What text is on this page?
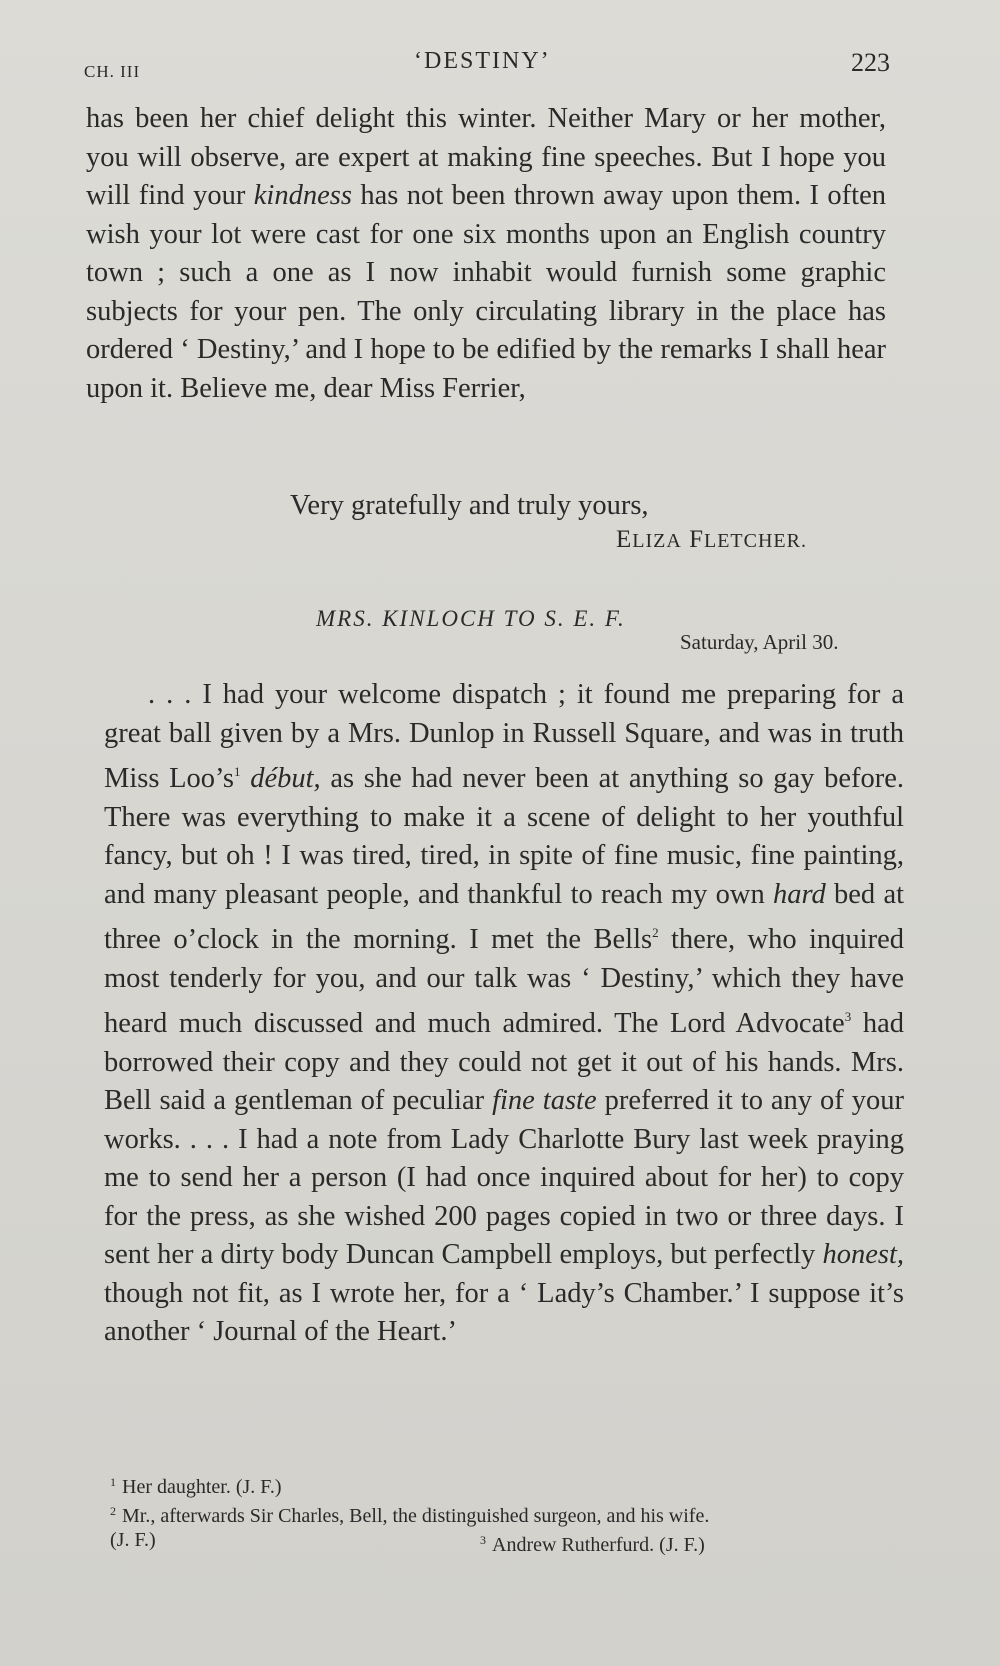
CH. III	‘DESTINY’	223

has been her chief delight this winter. Neither Mary or her mother, you will observe, are expert at making fine speeches. But I hope you will find your kindness has not been thrown away upon them. I often wish your lot were cast for one six months upon an English country town ; such a one as I now inhabit would furnish some graphic subjects for your pen. The only circulating library in the place has ordered ‘ Destiny,’ and I hope to be edified by the remarks I shall hear upon it. Believe me, dear Miss Ferrier,

Very gratefully and truly yours,
ELIZA FLETCHER.
MRS. KINLOCH TO S. E. F.
Saturday, April 30.

. . . I had your welcome dispatch ; it found me preparing for a great ball given by a Mrs. Dunlop in Russell Square, and was in truth Miss $Loo’s^1$ début, as she had never been at anything so gay before. There was everything to make it a scene of delight to her youthful fancy, but oh ! I was tired, tired, in spite of fine music, fine painting, and many pleasant people, and thankful to reach my own hard bed at three o’clock in the morning. I met the Bells$^2$ there, who inquired most tenderly for you, and our talk was ‘ Destiny,’ which they have heard much discussed and much admired. The Lord Advocate$^3$ had borrowed their copy and they could not get it out of his hands. Mrs. Bell said a gentleman of peculiar fine taste preferred it to any of your works. . . . I had a note from Lady Charlotte Bury last week praying me to send her a person (I had once inquired about for her) to copy for the press, as she wished 200 pages copied in two or three days. I sent her a dirty body Duncan Campbell employs, but perfectly honest, though not fit, as I wrote her, for a ‘ Lady’s Chamber.’ I suppose it’s another ‘ Journal of the Heart.’

$^1$ Her daughter. (J. F.)
$^2$ Mr., afterwards Sir Charles, Bell, the distinguished surgeon, and his wife.
(J. F.)	$^3$ Andrew Rutherfurd. (J. F.)
